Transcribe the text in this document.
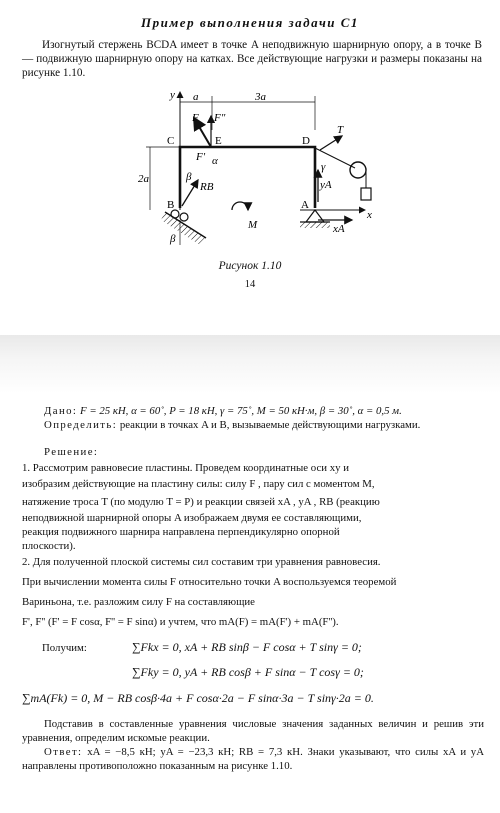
Пример выполнения задачи С1
Изогнутый стержень BCDA имеет в точке A неподвижную шарнирную опору, а в точке B — подвижную шарнирную опору на катках. Все действующие нагрузки и размеры показаны на рисунке 1.10.
y
x
a	3a
2a
β
β
RB	yA
xA
T
γ
C	E	D
B	A
F F"
F' α
M
Рисунок 1.10
14
Дано: F = 25 кН, α = 60˚, P = 18 кН, γ = 75˚, M = 50 кН·м, β = 30˚, α = 0,5 м.
Определить: реакции в точках A и B, вызываемые действующими нагрузками.
Решение:
1. Рассмотрим равновесие пластины. Проведем координатные оси xy и
изобразим действующие на пластину силы: силу F , пару сил с моментом M,
натяжение троса T (по модулю T = P) и реакции связей xA , yA , RB (реакцию
неподвижной шарнирной опоры A изображаем двумя ее составляющими,
реакция подвижного шарнира направлена перпендикулярно опорной
плоскости).
2. Для полученной плоской системы сил составим три уравнения равновесия.
При вычислении момента силы F относительно точки A воспользуемся теоремой
Вариньона, т.е. разложим силу F на составляющие
F', F'' (F' = F cosα, F'' = F sinα) и учтем, что mA(F) = mA(F') + mA(F'').
Получим:	∑Fkx = 0, xA + RB sinβ − F cosα + T sinγ = 0;
∑Fky = 0, yA + RB cosβ + F sinα − T cosγ = 0;
∑mA(Fk) = 0, M − RB cosβ·4a + F cosα·2a − F sinα·3a − T sinγ·2a = 0.
Подставив в составленные уравнения числовые значения заданных величин и решив эти уравнения, определим искомые реакции.
Ответ: xA = −8,5 кН; yA = −23,3 кН; RB = 7,3 кН. Знаки указывают, что силы xA и yA направлены противоположно показанным на рисунке 1.10.
